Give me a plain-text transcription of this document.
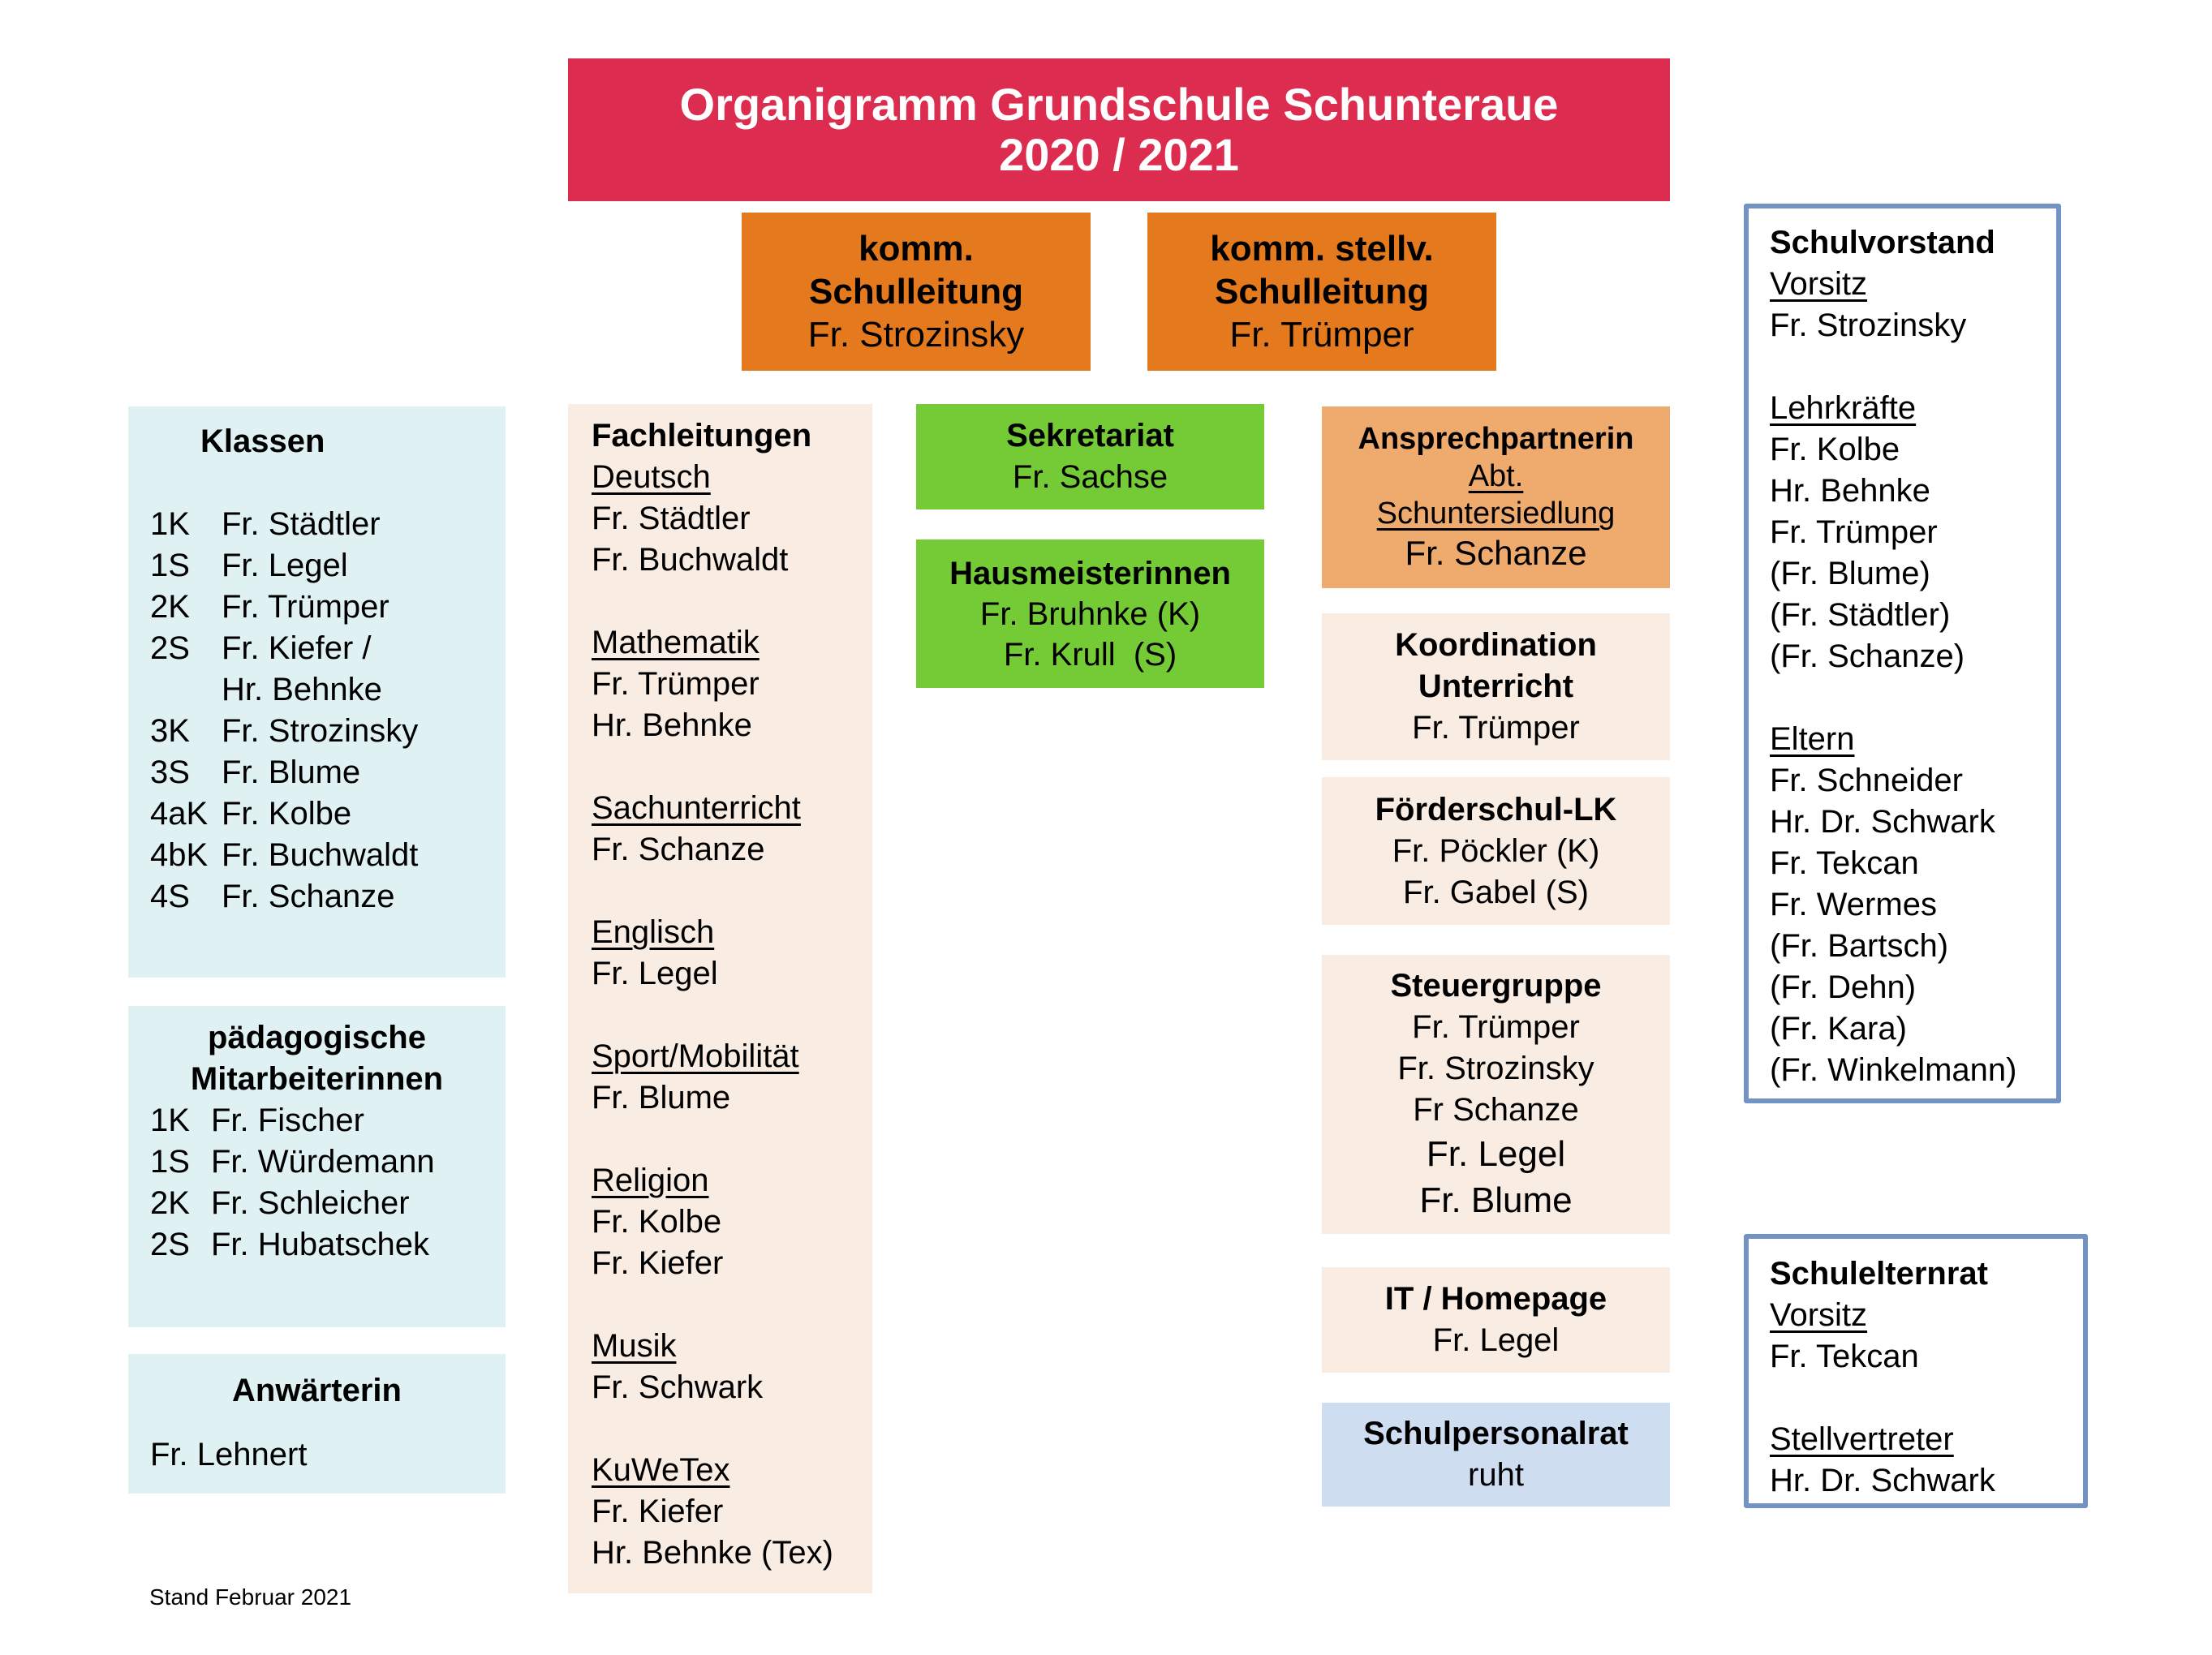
Organigramm Grundschule Schunteraue
2020 / 2021
komm.
Schulleitung
Fr. Strozinsky
komm. stellv.
Schulleitung
Fr. Trümper
Klassen
1K Fr. Städtler
1S Fr. Legel
2K Fr. Trümper
2S Fr. Kiefer /
Hr. Behnke
3K Fr. Strozinsky
3S Fr. Blume
4aK Fr. Kolbe
4bK Fr. Buchwaldt
4S Fr. Schanze
pädagogische
Mitarbeiterinnen
1K Fr. Fischer
1S Fr. Würdemann
2K Fr. Schleicher
2S Fr. Hubatschek
Anwärterin
Fr. Lehnert
Fachleitungen
Deutsch
Fr. Städtler
Fr. Buchwaldt
Mathematik
Fr. Trümper
Hr. Behnke
Sachunterricht
Fr. Schanze
Englisch
Fr. Legel
Sport/Mobilität
Fr. Blume
Religion
Fr. Kolbe
Fr. Kiefer
Musik
Fr. Schwark
KuWeTex
Fr. Kiefer
Hr. Behnke (Tex)
Sekretariat
Fr. Sachse
Hausmeisterinnen
Fr. Bruhnke (K)
Fr. Krull  (S)
Ansprechpartnerin
Abt.
Schuntersiedlung
Fr. Schanze
Koordination
Unterricht
Fr. Trümper
Förderschul-LK
Fr. Pöckler (K)
Fr. Gabel (S)
Steuergruppe
Fr. Trümper
Fr. Strozinsky
Fr Schanze
Fr. Legel
Fr. Blume
IT / Homepage
Fr. Legel
Schulpersonalrat
ruht
Schulvorstand
Vorsitz
Fr. Strozinsky
Lehrkräfte
Fr. Kolbe
Hr. Behnke
Fr. Trümper
(Fr. Blume)
(Fr. Städtler)
(Fr. Schanze)
Eltern
Fr. Schneider
Hr. Dr. Schwark
Fr. Tekcan
Fr. Wermes
(Fr. Bartsch)
(Fr. Dehn)
(Fr. Kara)
(Fr. Winkelmann)
Schulelternrat
Vorsitz
Fr. Tekcan
Stellvertreter
Hr. Dr. Schwark
Stand Februar 2021
